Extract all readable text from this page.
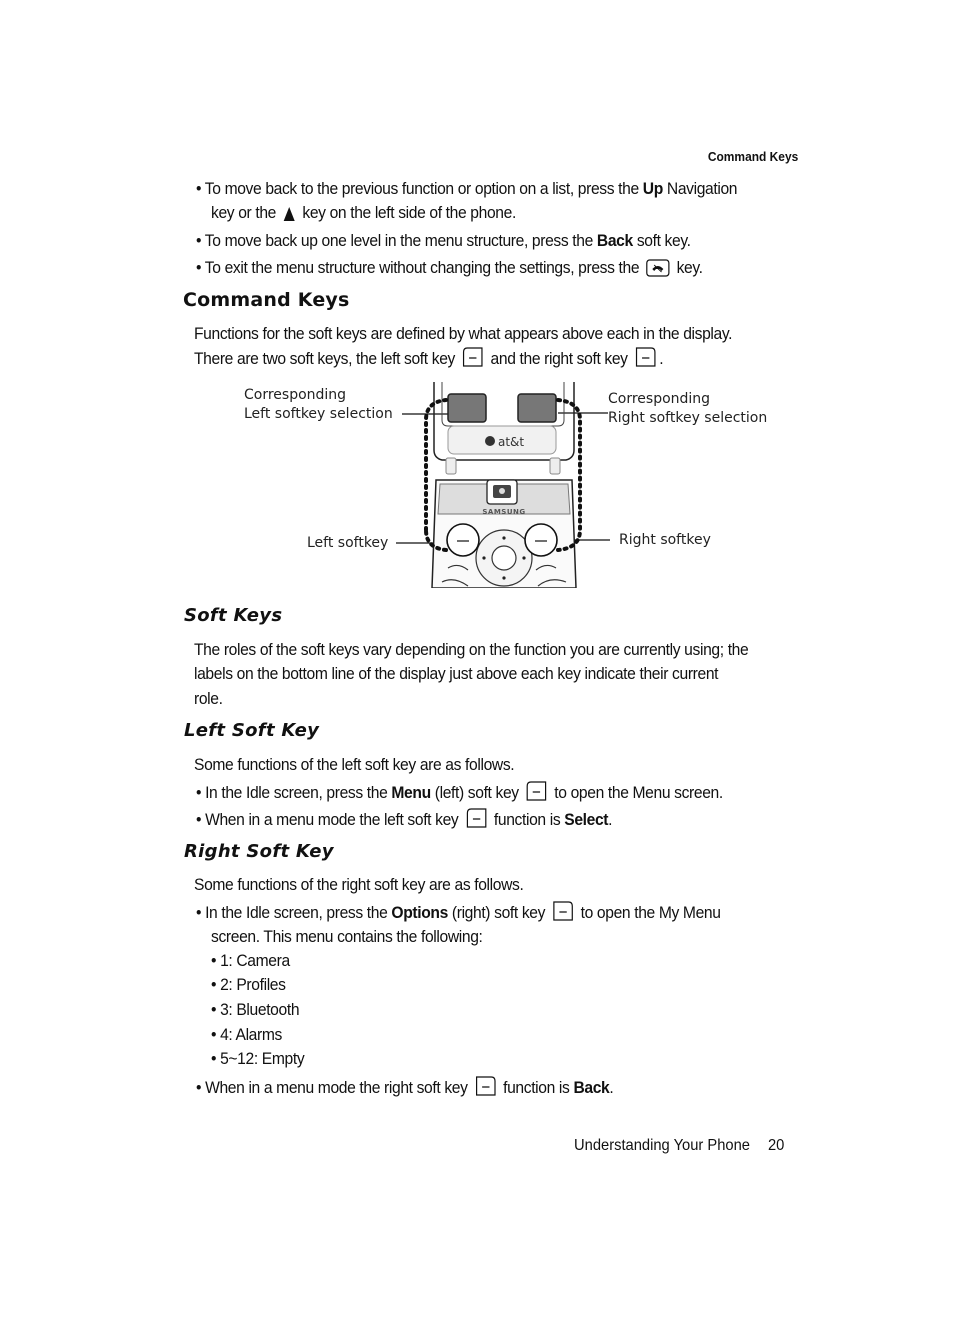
Command Keys
• To move back to the previous function or option on a list, press the Up Navigation
key or the  key on the left side of the phone.
• To move back up one level in the menu structure, press the Back soft key.
• To exit the menu structure without changing the settings, press the  key.
Command Keys
Functions for the soft keys are defined by what appears above each in the display.
There are two soft keys, the left soft key  and the right soft key .
Corresponding
Left softkey selection
Corresponding
Right softkey selection
Left softkey	Right softkey
at&t
SAMSUNG
Soft Keys
The roles of the soft keys vary depending on the function you are currently using; the
labels on the bottom line of the display just above each key indicate their current
role.
Left Soft Key
Some functions of the left soft key are as follows.
• In the Idle screen, press the Menu (left) soft key  to open the Menu screen.
• When in a menu mode the left soft key  function is Select.
Right Soft Key
Some functions of the right soft key are as follows.
• In the Idle screen, press the Options (right) soft key  to open the My Menu
screen. This menu contains the following:
• 1: Camera
• 2: Profiles
• 3: Bluetooth
• 4: Alarms
• 5~12: Empty
• When in a menu mode the right soft key  function is Back.
Understanding Your Phone 20
